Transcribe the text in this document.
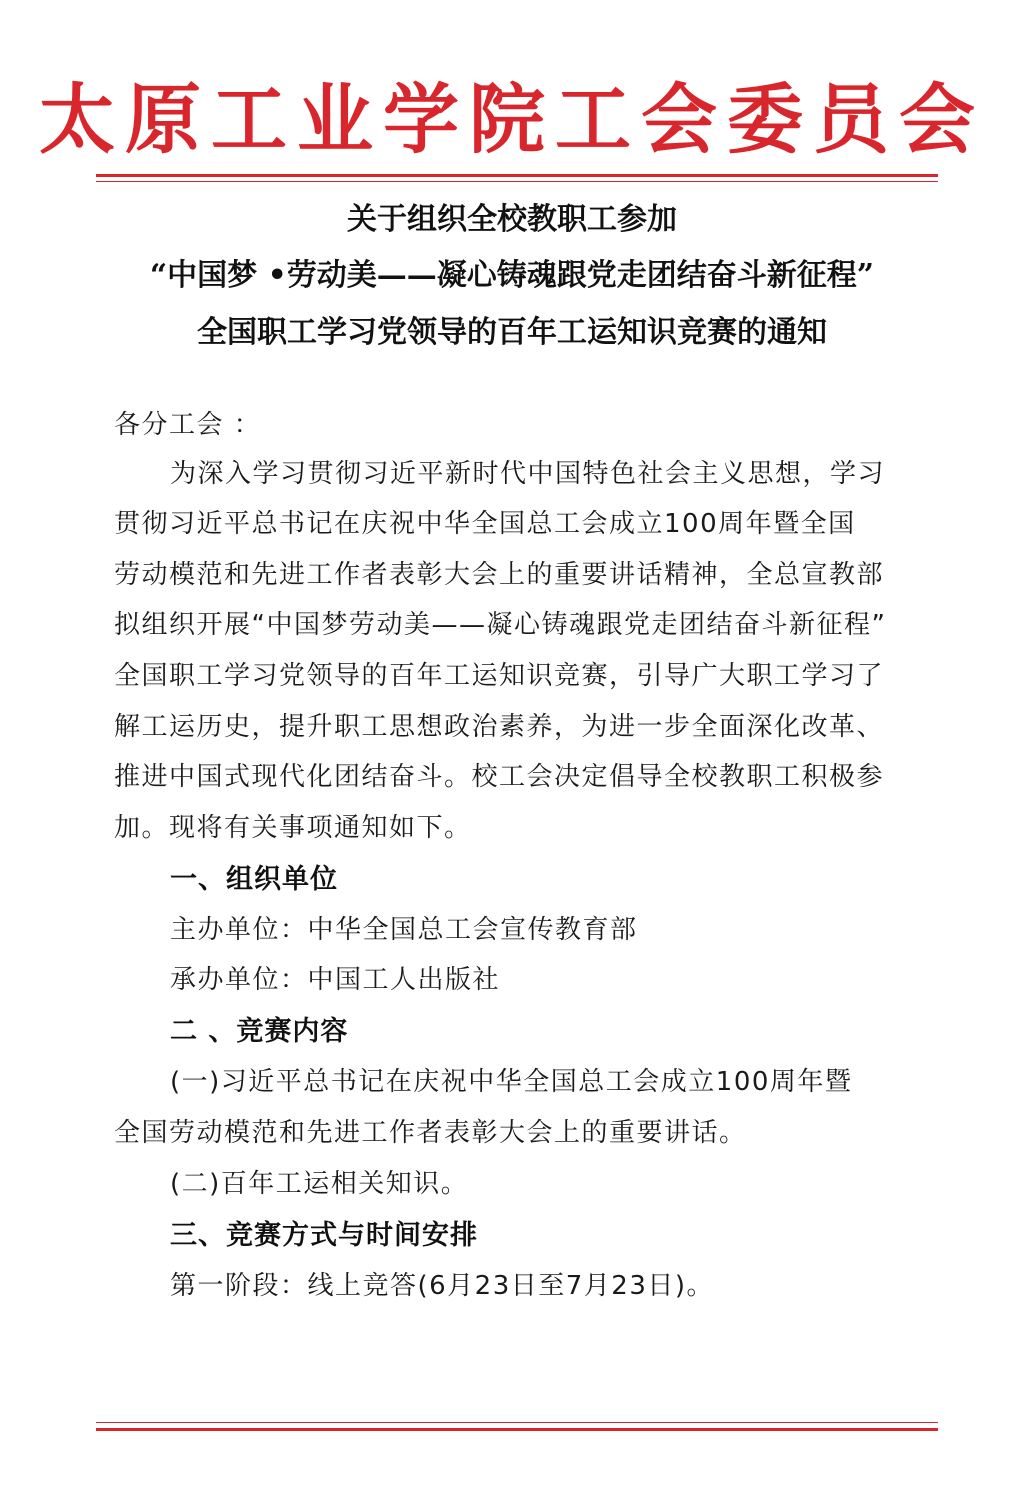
太原工业学院工会委员会
关于组织全校教职工参加
“中国梦 •劳动美——凝心铸魂跟党走团结奋斗新征程”
全国职工学习党领导的百年工运知识竞赛的通知
各分工会 ：
为深入学习贯彻习近平新时代中国特色社会主义思想，学习
贯彻习近平总书记在庆祝中华全国总工会成立100周年暨全国
劳动模范和先进工作者表彰大会上的重要讲话精神，全总宣教部
拟组织开展“中国梦劳动美——凝心铸魂跟党走团结奋斗新征程”
全国职工学习党领导的百年工运知识竞赛，引导广大职工学习了
解工运历史，提升职工思想政治素养，为进一步全面深化改革、
推进中国式现代化团结奋斗。校工会决定倡导全校教职工积极参
加。现将有关事项通知如下。
一、组织单位
主办单位：中华全国总工会宣传教育部
承办单位：中国工人出版社
二 、竞赛内容
(一)习近平总书记在庆祝中华全国总工会成立100周年暨
全国劳动模范和先进工作者表彰大会上的重要讲话。
(二)百年工运相关知识。
三、竞赛方式与时间安排
第一阶段：线上竞答(6月23日至7月23日)。
